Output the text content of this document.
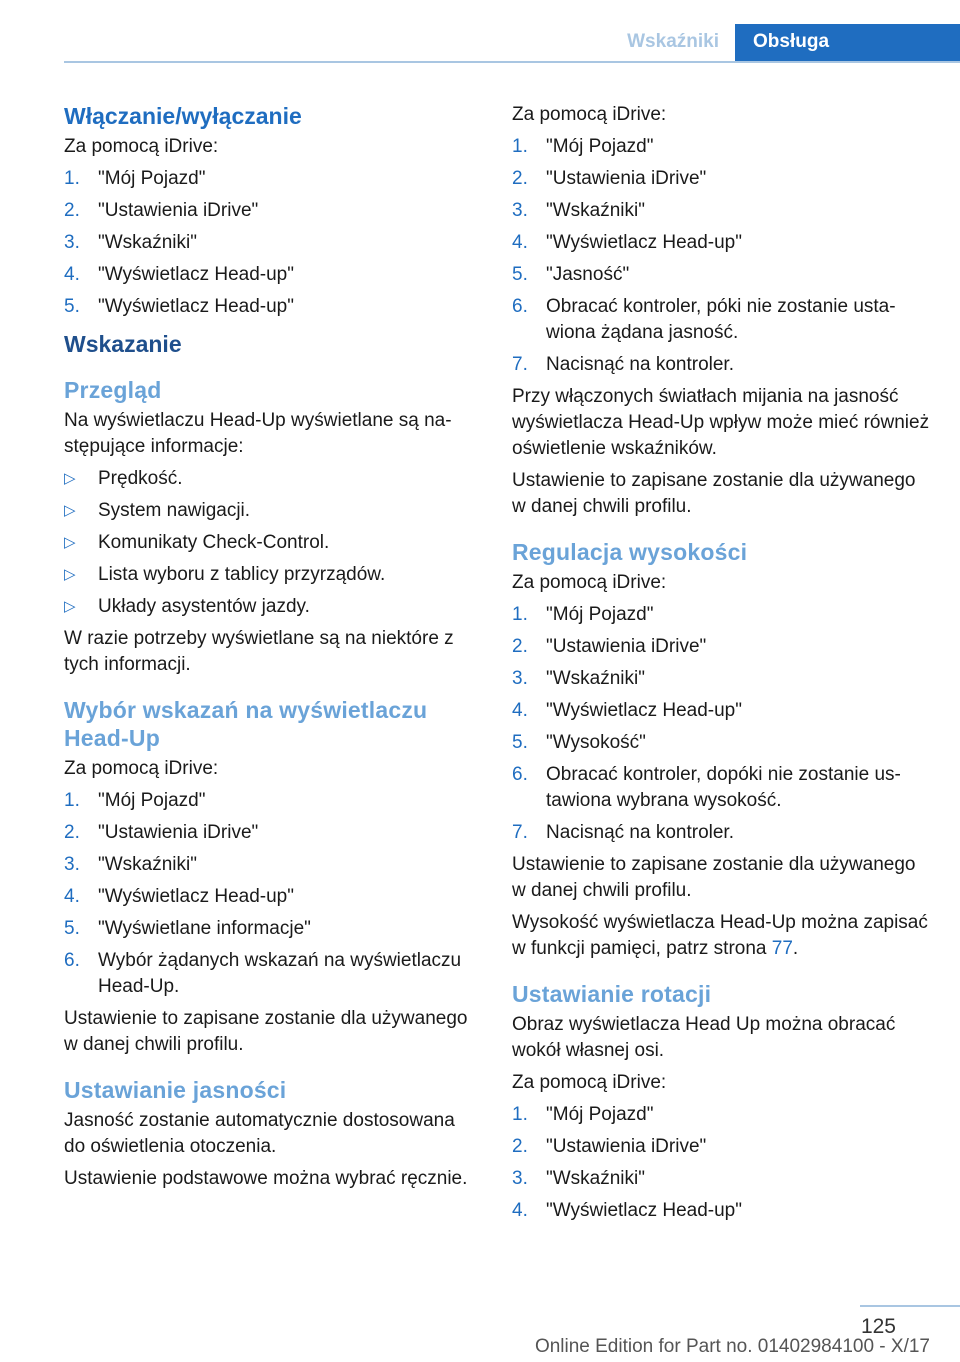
Wskaźniki	Obsługa
Włączanie/wyłączanie

Za pomocą iDrive:

1. "Mój Pojazd"
2. "Ustawienia iDrive"
3. "Wskaźniki"
4. "Wyświetlacz Head-up"
5. "Wyświetlacz Head-up"
Wskazanie
Przegląd

Na wyświetlaczu Head-Up wyświetlane są następujące informacje:

▷ Prędkość.
▷ System nawigacji.
▷ Komunikaty Check-Control.
▷ Lista wyboru z tablicy przyrządów.
▷ Układy asystentów jazdy.

W razie potrzeby wyświetlane są na niektóre z tych informacji.

Wybór wskazań na wyświetlaczu Head-Up

Za pomocą iDrive:

1. "Mój Pojazd"
2. "Ustawienia iDrive"
3. "Wskaźniki"
4. "Wyświetlacz Head-up"
5. "Wyświetlane informacje"
6. Wybór żądanych wskazań na wyświetlaczu Head-Up.

Ustawienie to zapisane zostanie dla używanego w danej chwili profilu.

Ustawianie jasności

Jasność zostanie automatycznie dostosowana do oświetlenia otoczenia.

Ustawienie podstawowe można wybrać ręcznie.

Za pomocą iDrive:

1. "Mój Pojazd"
2. "Ustawienia iDrive"
3. "Wskaźniki"
4. "Wyświetlacz Head-up"
5. "Jasność"
6. Obracać kontroler, póki nie zostanie ustawiona żądana jasność.
7. Nacisnąć na kontroler.

Przy włączonych światłach mijania na jasność wyświetlacza Head-Up wpływ może mieć również oświetlenie wskaźników.

Ustawienie to zapisane zostanie dla używanego w danej chwili profilu.

Regulacja wysokości

Za pomocą iDrive:

1. "Mój Pojazd"
2. "Ustawienia iDrive"
3. "Wskaźniki"
4. "Wyświetlacz Head-up"
5. "Wysokość"
6. Obracać kontroler, dopóki nie zostanie ustawiona wybrana wysokość.
7. Nacisnąć na kontroler.

Ustawienie to zapisane zostanie dla używanego w danej chwili profilu.

Wysokość wyświetlacza Head-Up można zapisać w funkcji pamięci, patrz strona 77.

Ustawianie rotacji

Obraz wyświetlacza Head Up można obracać wokół własnej osi.

Za pomocą iDrive:

1. "Mój Pojazd"
2. "Ustawienia iDrive"
3. "Wskaźniki"
4. "Wyświetlacz Head-up"
125
Online Edition for Part no. 01402984100 - X/17
